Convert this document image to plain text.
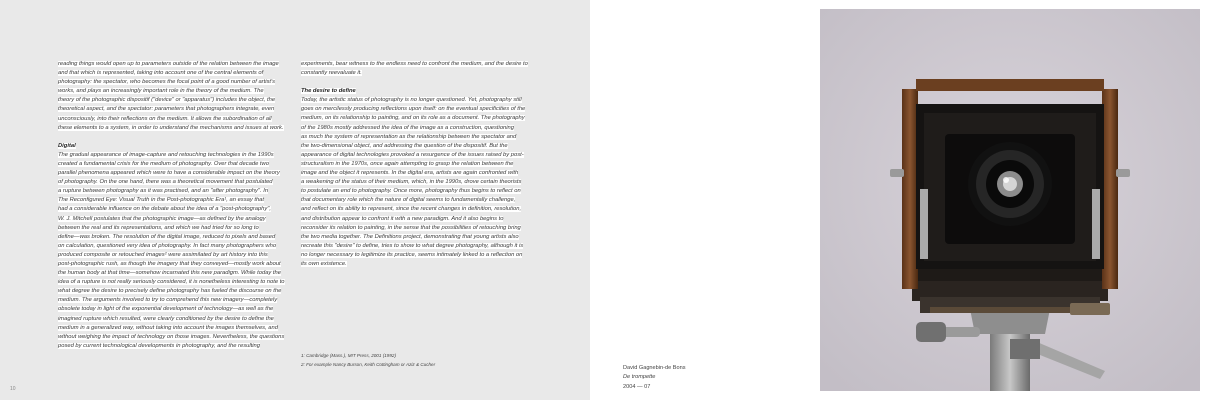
reading things would open up to parameters outside of the relation between the image
and that which is represented, taking into account one of the central elements of
photography: the spectator, who becomes the focal point of a good number of artist's
works, and plays an increasingly important role in the theory of the medium. The
theory of the photographic dispositif ("device" or "apparatus") includes the object, the
theoretical aspect, and the spectator: parameters that photographers integrate, even
unconsciously, into their reflections on the medium. It allows the subordination of all
these elements to a system, in order to understand the mechanisms and issues at work.

Digital

The gradual appearance of image-capture and retouching technologies in the 1990s
created a fundamental crisis for the medium of photography. Over that decade two
parallel phenomena appeared which were to have a considerable impact on the theory
of photography. On the one hand, there was a theoretical movement that postulated
a rupture between photography as it was practised, and an "after photography". In
The Reconfigured Eye: Visual Truth in the Post-photographic Era¹, an essay that
had a considerable influence on the debate about the idea of a "post-photography",
W. J. Mitchell postulates that the photographic image—as defined by the analogy
between the real and its representations, and which we had tried for so long to
define—was broken. The resolution of the digital image, reduced to pixels and based
on calculation, questioned very idea of photography. In fact many photographers who
produced composite or retouched images² were assimilated by art history into this
post-photographic rush, as though the imagery that they conveyed—mostly work about
the human body at that time—somehow incarnated this new paradigm. While today the
idea of a rupture is not really seriously considered, it is nonetheless interesting to note to
what degree the desire to precisely define photography has fueled the discourse on the
medium. The arguments involved to try to comprehend this new imagery—completely
obsolete today in light of the exponential development of technology—as well as the
imagined rupture which resulted, were clearly conditioned by the desire to define the
medium in a generalized way, without taking into account the images themselves, and
without weighing the impact of technology on those images. Nevertheless, the questions
posed by current technological developments in photography, and the resulting

experiments, bear witness to the endless need to confront the medium, and the desire to
constantly reevaluate it.

The desire to define

Today, the artistic status of photography is no longer questioned. Yet, photography still
goes on mercilessly producing reflections upon itself: on the eventual specificities of the
medium, on its relationship to painting, and on its role as a document. The photography
of the 1980s mostly addressed the idea of the image as a construction, questioning
as much the system of representation as the relationship between the spectator and
the two-dimensional object, and addressing the question of the dispositif. But the
appearance of digital technologies provoked a resurgence of the issues raised by post-
structuralism in the 1970s, once again attempting to grasp the relation between the
image and the object it represents. In the digital era, artists are again confronted with
a weakening of the status of their medium, which, in the 1990s, drove certain theorists
to postulate an end to photography. Once more, photography thus begins to reflect on
that documentary role which the nature of digital seems to fundamentally challenge,
and reflect on its ability to represent, since the recent changes in definition, resolution,
and distribution appear to confront it with a new paradigm. And it also begins to
reconsider its relation to painting, in the sense that the possibilities of retouching bring
the two media together. The Definitions project, demonstrating that young artists also
recreate this "desire" to define, tries to show to what degree photography, although it is
no longer necessary to legitimize its practice, seems intimately linked to a reflection on
its own existence.

1: Cambridge (Mass.), MIT Press, 2001 (1992)
2: For example Nancy Burson, Keith Cottingham or Aziz & Cucher
10
David Gagnebin-de Bons
De trompette
2004 — 07
